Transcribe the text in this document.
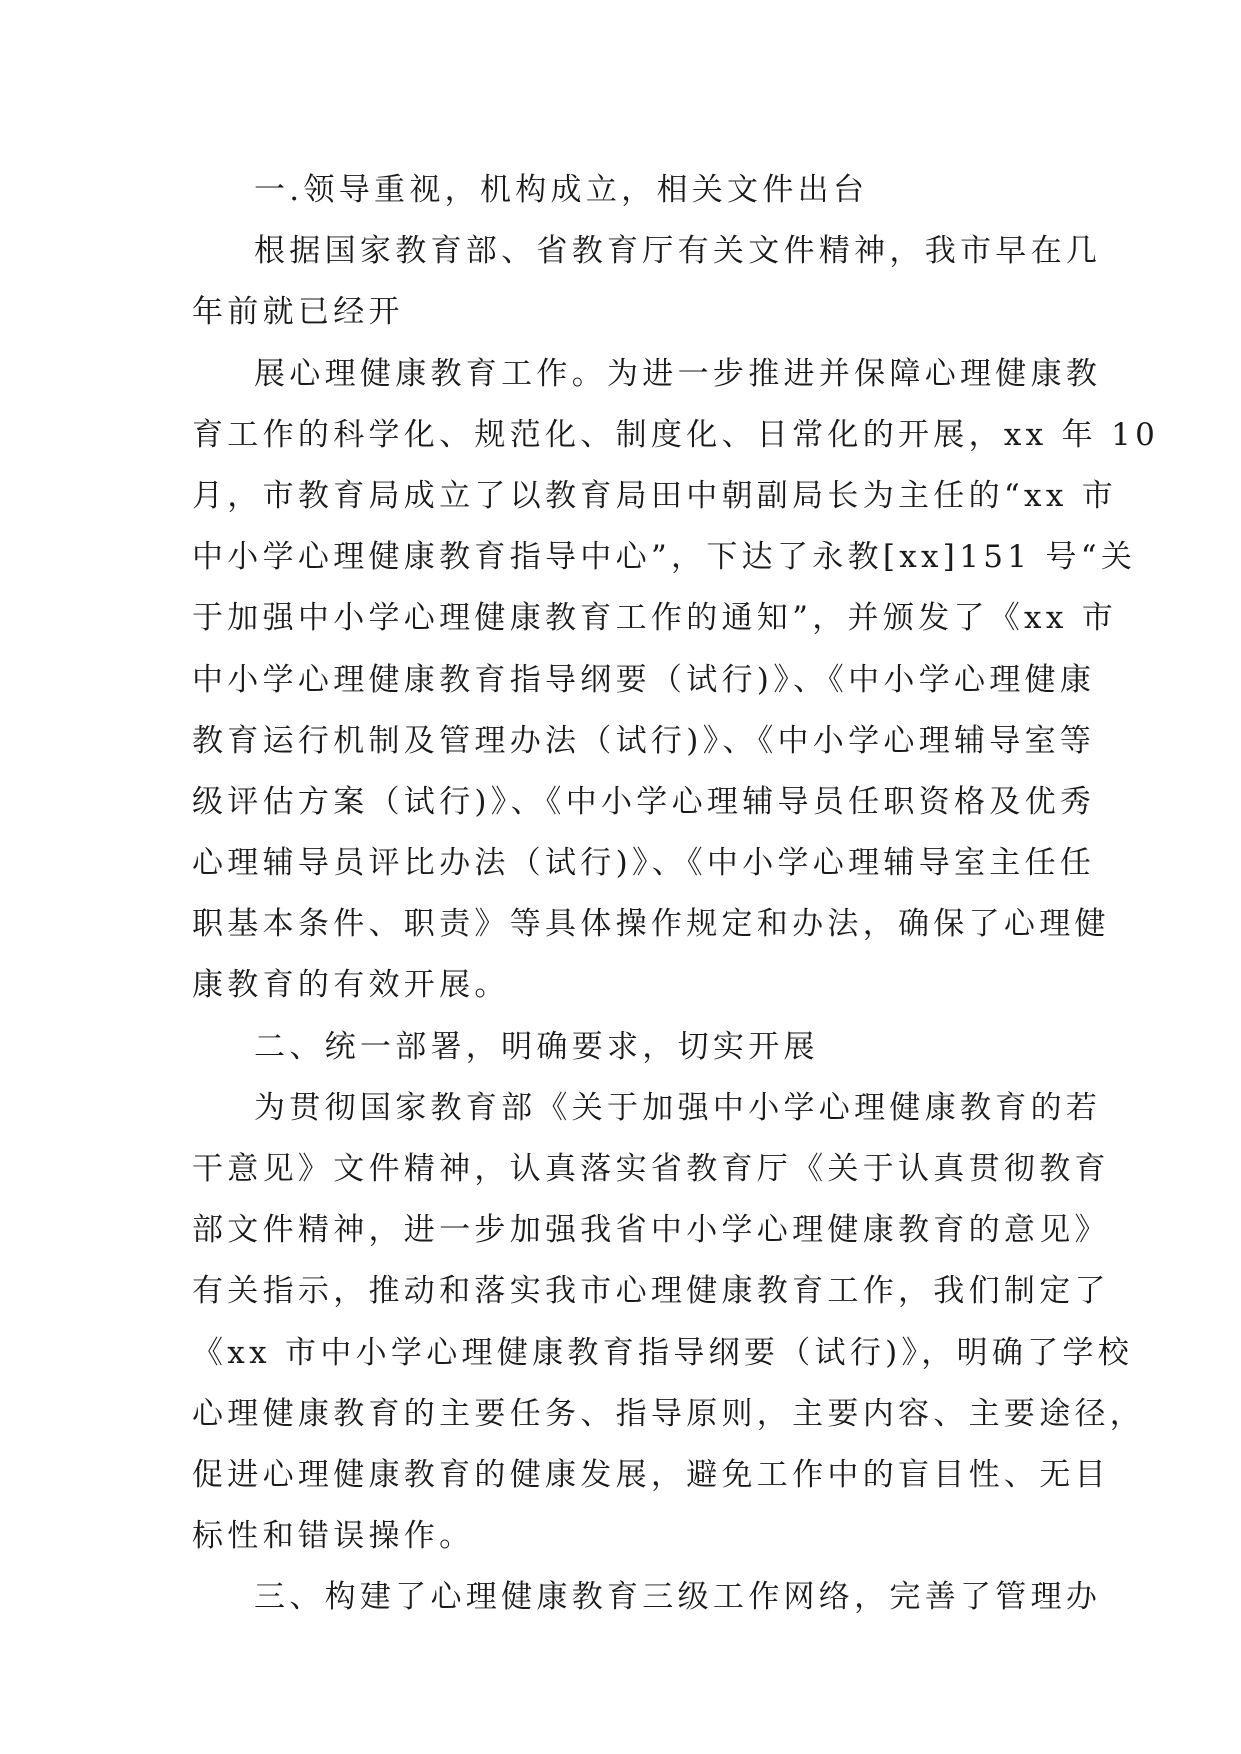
一.领导重视，机构成立，相关文件出台
根据国家教育部、省教育厅有关文件精神，我市早在几
年前就已经开
展心理健康教育工作。为进一步推进并保障心理健康教
育工作的科学化、规范化、制度化、日常化的开展，xx 年 10
月，市教育局成立了以教育局田中朝副局长为主任的“xx 市
中小学心理健康教育指导中心”，下达了永教[xx]151 号“关
于加强中小学心理健康教育工作的通知”，并颁发了《xx 市
中小学心理健康教育指导纲要（试行)》、《中小学心理健康
教育运行机制及管理办法（试行)》、《中小学心理辅导室等
级评估方案（试行)》、《中小学心理辅导员任职资格及优秀
心理辅导员评比办法（试行)》、《中小学心理辅导室主任任
职基本条件、职责》等具体操作规定和办法，确保了心理健
康教育的有效开展。
二、统一部署，明确要求，切实开展
为贯彻国家教育部《关于加强中小学心理健康教育的若
干意见》文件精神，认真落实省教育厅《关于认真贯彻教育
部文件精神，进一步加强我省中小学心理健康教育的意见》
有关指示，推动和落实我市心理健康教育工作，我们制定了
《xx 市中小学心理健康教育指导纲要（试行)》，明确了学校
心理健康教育的主要任务、指导原则，主要内容、主要途径，
促进心理健康教育的健康发展，避免工作中的盲目性、无目
标性和错误操作。
三、构建了心理健康教育三级工作网络，完善了管理办
